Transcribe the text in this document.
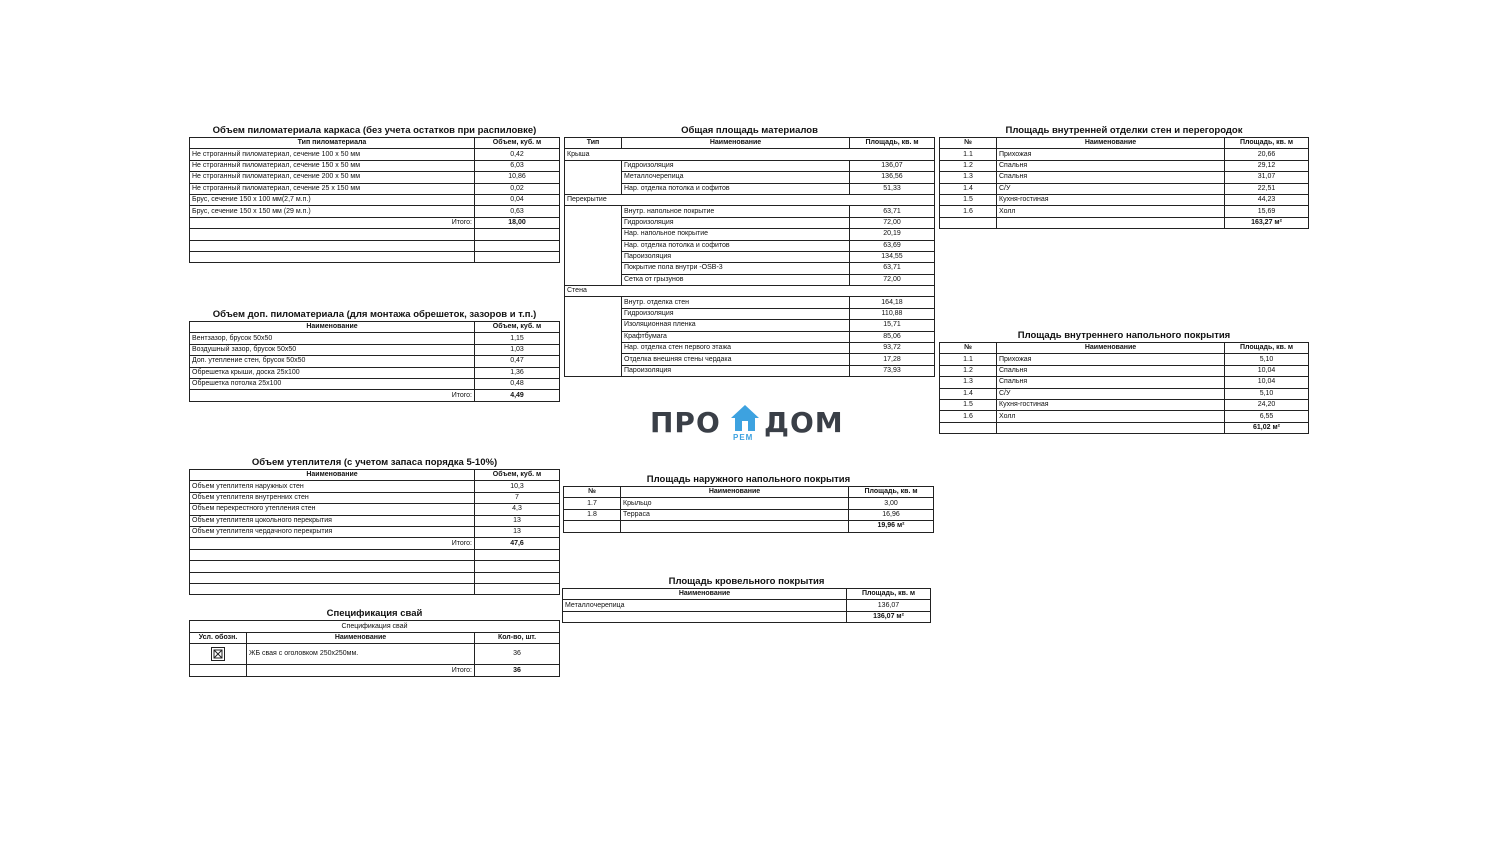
Объем пиломатериала каркаса (без учета остатков при распиловке)
Тип пиломатериала	Объем, куб. м
Не строганный пиломатериал, сечение 100 х 50 мм	0,42
Не строганный пиломатериал, сечение 150 х 50 мм	6,03
Не строганный пиломатериал, сечение 200 х 50 мм	10,86
Не строганный пиломатериал, сечение 25 х 150 мм	0,02
Брус, сечение 150 х 100 мм(2,7 м.п.)	0,04
Брус, сечение 150 х 150 мм (29 м.п.)	0,63
Итого:	18,00

Объем доп. пиломатериала (для монтажа обрешеток, зазоров и т.п.)
Наименование	Объем, куб. м
Вентзазор, брусок 50х50	1,15
Воздушный зазор, брусок 50х50	1,03
Доп. утепление стен, брусок 50х50	0,47
Обрешетка крыши, доска 25х100	1,36
Обрешетка потолка 25х100	0,48
Итого:	4,49
Объем утеплителя (с учетом запаса порядка 5-10%)
Наименование	Объем, куб. м
Объем утеплителя наружных стен	10,3
Объем утеплителя внутренних стен	7
Объем перекрестного утепления стен	4,3
Объем утеплителя цокольного перекрытия	13
Объем утеплителя чердачного перекрытия	13
Итого:	47,6

Спецификация свай
Спецификация свай
Усл. обозн.	Наименование	Кол-во, шт.

	ЖБ свая с оголовком 250х250мм.	36
	Итого:	36
Общая площадь материалов
Тип	Наименование	Площадь, кв. м
Крыша		
	Гидроизоляция	136,07
	Металлочерепица	136,56
	Нар. отделка потолка и софитов	51,33
Перекрытие		
	Внутр. напольное покрытие	63,71
	Гидроизоляция	72,00
	Нар. напольное покрытие	20,19
	Нар. отделка потолка и софитов	63,69
	Пароизоляция	134,55
	Покрытие пола внутри -OSB-3	63,71
	Сетка от грызунов	72,00
Стена		
	Внутр. отделка стен	164,18
	Гидроизоляция	110,88
	Изоляционная пленка	15,71
	Крафтбумага	85,06
	Нар. отделка стен первого этажа	93,72
	Отделка внешняя стены чердака	17,28
	Пароизоляция	73,93
ПРО РЕМ ДОМ
Площадь наружного напольного покрытия
№	Наименование	Площадь, кв. м
1.7	Крыльцо	3,00
1.8	Терраса	16,96
		19,96 м²
Площадь кровельного покрытия
Наименование	Площадь, кв. м
Металлочерепица	136,07
	136,07 м²
Площадь внутренней отделки стен и перегородок
№	Наименование	Площадь, кв. м
1.1	Прихожая	20,66
1.2	Спальня	29,12
1.3	Спальня	31,07
1.4	С/У	22,51
1.5	Кухня-гостиная	44,23
1.6	Холл	15,69
		163,27 м²
Площадь внутреннего напольного покрытия
№	Наименование	Площадь, кв. м
1.1	Прихожая	5,10
1.2	Спальня	10,04
1.3	Спальня	10,04
1.4	С/У	5,10
1.5	Кухня-гостиная	24,20
1.6	Холл	6,55
		61,02 м²
